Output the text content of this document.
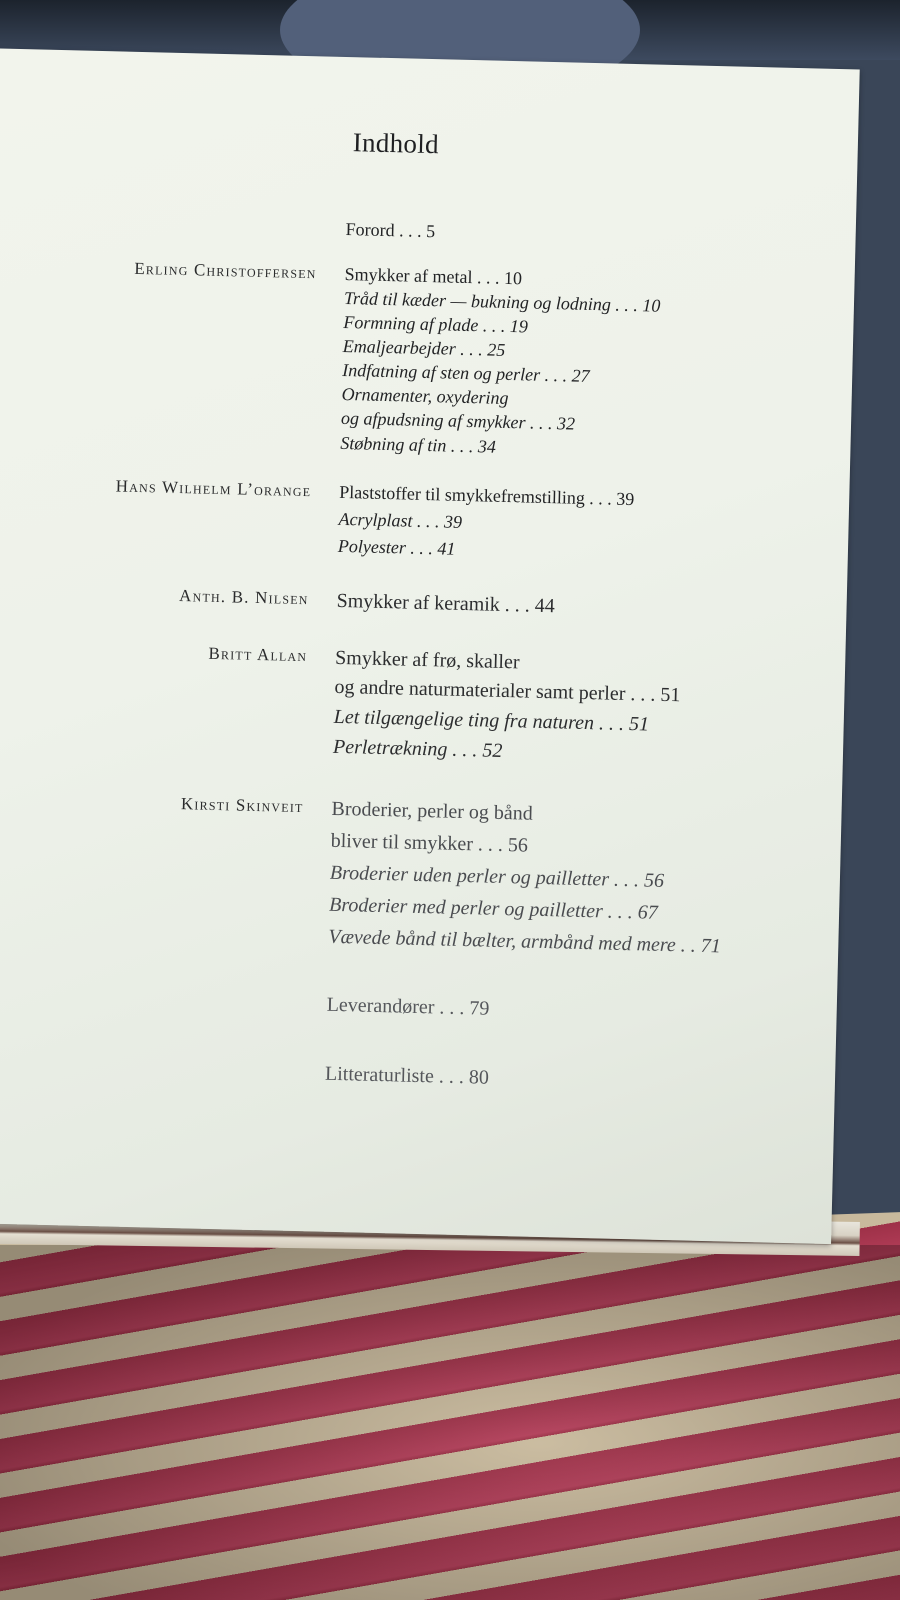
Indhold
Forord . . . 5
Erling Christoffersen Smykker af metal . . . 10
Tråd til kæder — bukning og lodning . . . 10
Formning af plade . . . 19
Emaljearbejder . . . 25
Indfatning af sten og perler . . . 27
Ornamenter, oxydering
og afpudsning af smykker . . . 32
Støbning af tin . . . 34
Hans Wilhelm L’orange Plaststoffer til smykkefremstilling . . . 39
Acrylplast . . . 39
Polyester . . . 41
Anth. B. Nilsen Smykker af keramik . . . 44
Britt Allan Smykker af frø, skaller
og andre naturmaterialer samt perler . . . 51
Let tilgængelige ting fra naturen . . . 51
Perletrækning . . . 52
Kirsti Skinveit Broderier, perler og bånd
bliver til smykker . . . 56
Broderier uden perler og pailletter . . . 56
Broderier med perler og pailletter . . . 67
Vævede bånd til bælter, armbånd med mere . . 71
Leverandører . . . 79
Litteraturliste . . . 80
